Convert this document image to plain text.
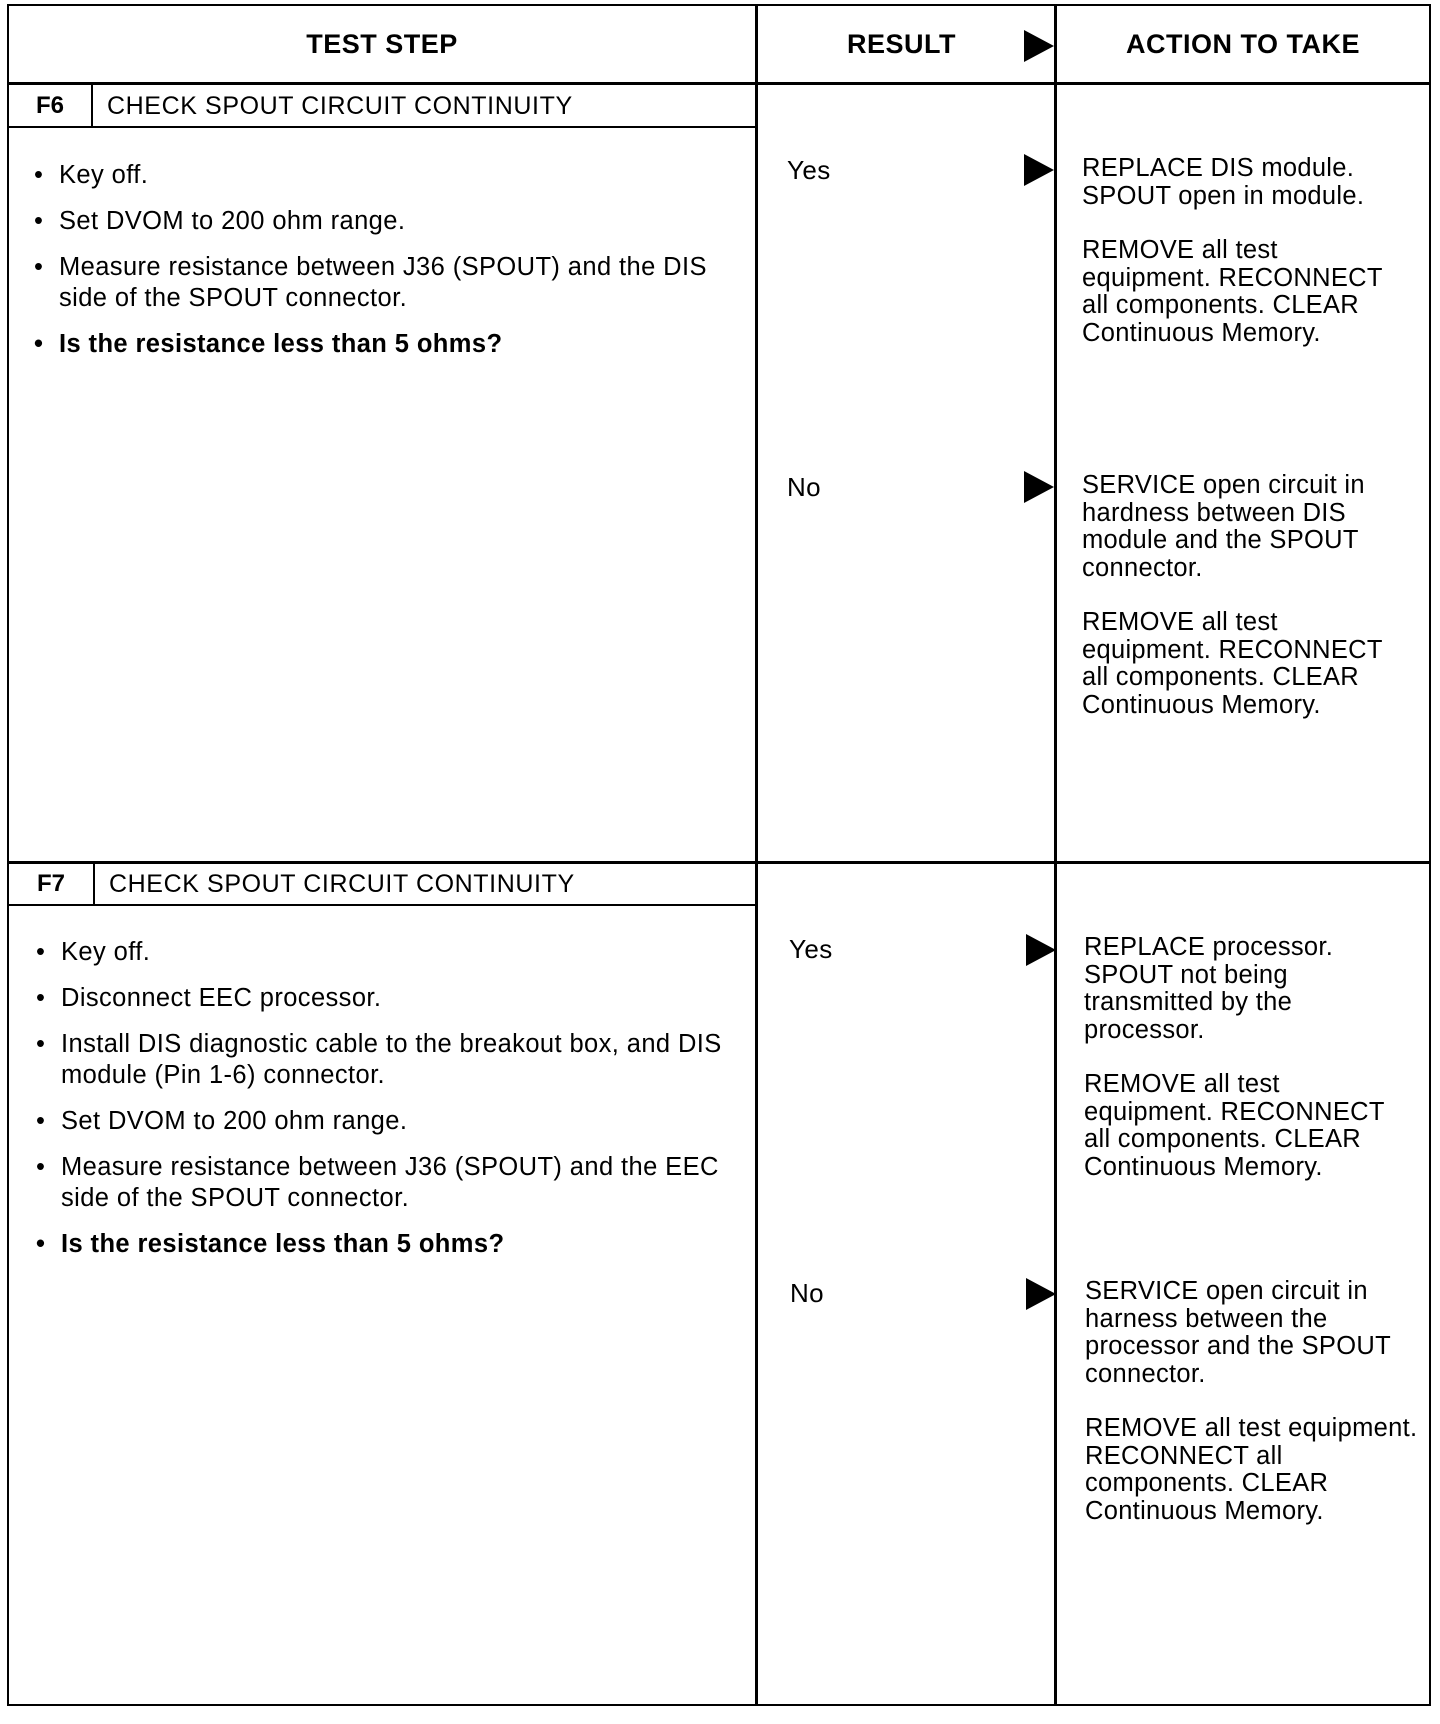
TEST STEP	RESULT	ACTION TO TAKE
F6	CHECK SPOUT CIRCUIT CONTINUITY
• Key off.
• Set DVOM to 200 ohm range.
• Measure resistance between J36 (SPOUT) and the DIS side of the SPOUT connector.
• Is the resistance less than 5 ohms?
Yes	REPLACE DIS module. SPOUT open in module.

REMOVE all test equipment. RECONNECT all components. CLEAR Continuous Memory.

No	SERVICE open circuit in hardness between DIS module and the SPOUT connector.

REMOVE all test equipment. RECONNECT all components. CLEAR Continuous Memory.

F7	CHECK SPOUT CIRCUIT CONTINUITY
• Key off.
• Disconnect EEC processor.
• Install DIS diagnostic cable to the breakout box, and DIS module (Pin 1-6) connector.
• Set DVOM to 200 ohm range.
• Measure resistance between J36 (SPOUT) and the EEC side of the SPOUT connector.
• Is the resistance less than 5 ohms?
Yes	REPLACE processor. SPOUT not being transmitted by the processor.

REMOVE all test equipment. RECONNECT all components. CLEAR Continuous Memory.

No	SERVICE open circuit in harness between the processor and the SPOUT connector.

REMOVE all test equipment. RECONNECT all components. CLEAR Continuous Memory.
